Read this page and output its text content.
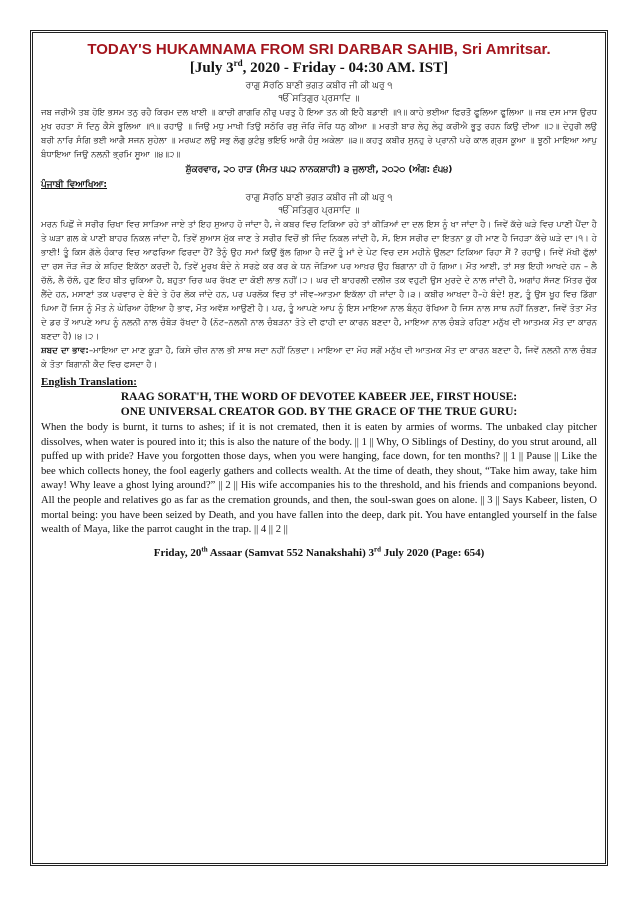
TODAY'S HUKAMNAMA FROM SRI DARBAR SAHIB, Sri Amritsar.
[July 3rd, 2020 - Friday - 04:30 AM. IST]
ਰਾਗੁ ਸੋਰਠਿ ਬਾਣੀ ਭਗਤ ਕਬੀਰ ਜੀ ਕੀ ਘਰੁ ੧
ੴ ਸਤਿਗੁਰ ਪ੍ਰਸਾਦਿ ॥

ਜਬ ਜਰੀਐ ਤਬ ਹੋਇ ਭਸਮ ਤਨੁ ਰਹੈ ਕਿਰਮ ਦਲ ਖਾਈ ॥ ਕਾਚੀ ਗਾਗਰਿ ਨੀਰੁ ਪਰਤੁ ਹੈ ਇਆ ਤਨ ਕੀ ਇਹੈ ਬਡਾਈ ॥੧॥ ਕਾਹੇ ਭਈਆ ਫਿਰਤੌ ਫੂਲਿਆ ਫੂਲਿਆ ॥ ਜਬ ਦਸ ਮਾਸ ਉਰਧ ਮੁਖ ਰਹਤਾ ਸੋ ਦਿਨੁ ਕੈਸੇ ਭੂਲਿਆ ॥੧॥ ਰਹਾਉ ॥ ਜਿਉ ਮਧੁ ਮਾਖੀ ਤਿਉ ਸਠੋਰਿ ਰਸੁ ਜੋਰਿ ਜੋਰਿ ਧਨੁ ਕੀਆ ॥ ਮਰਤੀ ਬਾਰ ਲੇਹੁ ਲੇਹੁ ਕਰੀਐ ਭੂਤੁ ਰਹਨ ਕਿਉ ਦੀਆ ॥੨॥ ਦੇਹੁਰੀ ਲਉ ਬਰੀ ਨਾਰਿ ਸੰਗਿ ਭਈ ਆਗੈ ਸਜਨ ਸੁਹੇਲਾ ॥ ਮਰਘਟ ਲਉ ਸਭੁ ਲੋਗੁ ਕੁਟੰਬੁ ਭਇਓ ਆਗੈ ਹੰਸੁ ਅਕੇਲਾ ॥੩॥ ਕਹਤੁ ਕਬੀਰ ਸੁਨਹੁ ਰੇ ਪ੍ਰਾਨੀ ਪਰੇ ਕਾਲ ਗ੍ਰਸ ਕੂਆ ॥ ਝੂਠੀ ਮਾਇਆ ਆਪੁ ਬੰਧਾਇਆ ਜਿਉ ਨਲਨੀ ਭ੍ਰਮਿ ਸੂਆ ॥੪॥੨॥

ਸ਼ੁੱਕਰਵਾਰ, ੨੦ ਹਾੜ (ਸੰਮਤ ੫੫੨ ਨਾਨਕਸ਼ਾਹੀ) ੩ ਜੁਲਾਈ, ੨੦੨੦ (ਅੰਗ: ੬੫੪)
ਪੰਜਾਬੀ ਵਿਆਖਿਆ:
ਰਾਗੁ ਸੋਰਠਿ ਬਾਣੀ ਭਗਤ ਕਬੀਰ ਜੀ ਕੀ ਘਰੁ ੧
ੴ ਸਤਿਗੁਰ ਪ੍ਰਸਾਦਿ ॥

ਮਰਨ ਪਿਛੋਂ ਜੇ ਸਰੀਰ ਚਿਖਾ ਵਿਚ ਸਾੜਿਆ ਜਾਏ ਤਾਂ ਇਹ ਸੁਆਹ ਹੋ ਜਾਂਦਾ ਹੈ, ਜੇ ਕਬਰ ਵਿਚ ਟਿਕਿਆ ਰਹੇ ਤਾਂ ਕੀੜਿਆਂ ਦਾ ਦਲ ਇਸ ਨੂੰ ਖਾ ਜਾਂਦਾ ਹੈ। ਜਿਵੇਂ ਕੱਚੇ ਘੜੇ ਵਿਚ ਪਾਣੀ ਪੈਂਦਾ ਹੈ ਤੇ ਘੜਾ ਗਲ ਕੇ ਪਾਣੀ ਬਾਹਰ ਨਿਕਲ ਜਾਂਦਾ ਹੈ, ਤਿਵੇਂ ਸੁਆਸ ਮੁੱਕ ਜਾਣ ਤੇ ਸਰੀਰ ਵਿਚੋਂ ਭੀ ਜਿੰਦ ਨਿਕਲ ਜਾਂਦੀ ਹੈ, ਸੋ, ਇਸ ਸਰੀਰ ਦਾ ਇਤਨਾ ਕੁ ਹੀ ਮਾਣ ਹੈ ਜਿਹੜਾ ਕੱਚੇ ਘੜੇ ਦਾ।੧। ਹੇ ਭਾਈ! ਤੂੰ ਕਿਸ ਗੱਲੇ ਹੰਕਾਰ ਵਿਚ ਆਫਰਿਆ ਫਿਰਦਾ ਹੈਂ? ਤੈਨੂੰ ਉਹ ਸਮਾਂ ਕਿਉਂ ਭੁੱਲ ਗਿਆ ਹੈ ਜਦੋਂ ਤੂੰ ਮਾਂ ਦੇ ਪੇਟ ਵਿਚ ਦਸ ਮਹੀਨੇ ਉਲਟਾ ਟਿਕਿਆ ਰਿਹਾ ਸੈਂ ? ਰਹਾਉ। ਜਿਵੇਂ ਮੱਖੀ ਫੁੱਲਾਂ ਦਾ ਰਸ ਜੋੜ ਜੋੜ ਕੇ ਸ਼ਹਿਦ ਇਕੱਠਾ ਕਰਦੀ ਹੈ, ਤਿਵੇਂ ਮੂਰਖ ਬੰਦੇ ਨੇ ਸਰਫ਼ੇ ਕਰ ਕਰ ਕੇ ਧਨ ਜੋੜਿਆ ਪਰ ਆਖ਼ਰ ਉਹ ਬਿਗਾਨਾ ਹੀ ਹੋ ਗਿਆ। ਮੌਤ ਆਈ, ਤਾਂ ਸਭ ਇਹੀ ਆਖਦੇ ਹਨ – ਲੈ ਚੱਲੋ, ਲੈ ਚੱਲੋ, ਹੁਣ ਇਹ ਬੀਤ ਚੁਕਿਆ ਹੈ, ਬਹੁਤਾ ਚਿਰ ਘਰ ਰੱਖਣ ਦਾ ਕੋਈ ਲਾਭ ਨਹੀਂ।੨। ਘਰ ਦੀ ਬਾਹਰਲੀ ਦਲੀਜ਼ ਤਕ ਵਹੁਟੀ ਉਸ ਮੁਰਦੇ ਦੇ ਨਾਲ ਜਾਂਦੀ ਹੈ, ਅਗਾਂਹ ਸੱਜਣ ਮਿੱਤਰ ਚੁੱਕ ਲੈਂਦੇ ਹਨ, ਮਸਾਣਾਂ ਤਕ ਪਰਵਾਰ ਦੇ ਬੰਦੇ ਤੇ ਹੋਰ ਲੋਕ ਜਾਂਦੇ ਹਨ, ਪਰ ਪਰਲੋਕ ਵਿਚ ਤਾਂ ਜੀਵ–ਆਤਮਾ ਇਕੱਲਾ ਹੀ ਜਾਂਦਾ ਹੈ।੩। ਕਬੀਰ ਆਖਦਾ ਹੈ–ਹੇ ਬੰਦੇ! ਸੁਣ, ਤੂੰ ਉਸ ਖੂਹ ਵਿਚ ਡਿੱਗਾ ਪਿਆ ਹੈਂ ਜਿਸ ਨੂੰ ਮੌਤ ਨੇ ਘੇਰਿਆ ਹੋਇਆ ਹੈ ਭਾਵ, ਮੌਤ ਅਵੱਸ਼ ਆਉਣੀ ਹੈ। ਪਰ, ਤੂੰ ਆਪਣੇ ਆਪ ਨੂੰ ਇਸ ਮਾਇਆ ਨਾਲ ਬੰਨ੍ਹ ਰੱਖਿਆ ਹੈ ਜਿਸ ਨਾਲ ਸਾਥ ਨਹੀਂ ਨਿਭਣਾ, ਜਿਵੇਂ ਤੋਤਾ ਮੌਤ ਦੇ ਡਰ ਤੋਂ ਆਪਣੇ ਆਪ ਨੂੰ ਨਲਨੀ ਨਾਲ ਚੰਬੋੜ ਰੱਖਦਾ ਹੈ (ਨੋਟ–ਨਲਨੀ ਨਾਲ ਚੰਬੜਨਾ ਤੋਤੇ ਦੀ ਫਾਹੀ ਦਾ ਕਾਰਨ ਬਣਦਾ ਹੈ, ਮਾਇਆ ਨਾਲ ਚੰਬੜੇ ਰਹਿਣਾ ਮਨੁੱਖ ਦੀ ਆਤਮਕ ਮੌਤ ਦਾ ਕਾਰਨ ਬਣਦਾ ਹੈ)।੪।੨।

ਸ਼ਬਦ ਦਾ ਭਾਵ:–ਮਾਇਆ ਦਾ ਮਾਣ ਕੂੜਾ ਹੈ, ਕਿਸੇ ਚੀਜ਼ ਨਾਲ ਭੀ ਸਾਥ ਸਦਾ ਨਹੀਂ ਨਿਭਦਾ। ਮਾਇਆ ਦਾ ਮੋਹ ਸਗੋਂ ਮਨੁੱਖ ਦੀ ਆਤਮਕ ਮੌਤ ਦਾ ਕਾਰਨ ਬਣਦਾ ਹੈ, ਜਿਵੇਂ ਨਲਨੀ ਨਾਲ ਚੰਬੜ ਕੇ ਤੋਤਾ ਬਿਗਾਨੀ ਕੈਦ ਵਿਚ ਫਸਦਾ ਹੈ।

English Translation:
RAAG SORAT'H, THE WORD OF DEVOTEE KABEER JEE, FIRST HOUSE:
ONE UNIVERSAL CREATOR GOD. BY THE GRACE OF THE TRUE GURU:

When the body is burnt, it turns to ashes; if it is not cremated, then it is eaten by armies of worms. The unbaked clay pitcher dissolves, when water is poured into it; this is also the nature of the body. || 1 || Why, O Siblings of Destiny, do you strut around, all puffed up with pride? Have you forgotten those days, when you were hanging, face down, for ten months? || 1 || Pause || Like the bee which collects honey, the fool eagerly gathers and collects wealth. At the time of death, they shout, “Take him away, take him away! Why leave a ghost lying around?” || 2 || His wife accompanies his to the threshold, and his friends and companions beyond. All the people and relatives go as far as the cremation grounds, and then, the soul-swan goes on alone. || 3 || Says Kabeer, listen, O mortal being: you have been seized by Death, and you have fallen into the deep, dark pit. You have entangled yourself in the false wealth of Maya, like the parrot caught in the trap. || 4 || 2 ||

Friday, 20th Assaar (Samvat 552 Nanakshahi) 3rd July 2020 (Page: 654)
